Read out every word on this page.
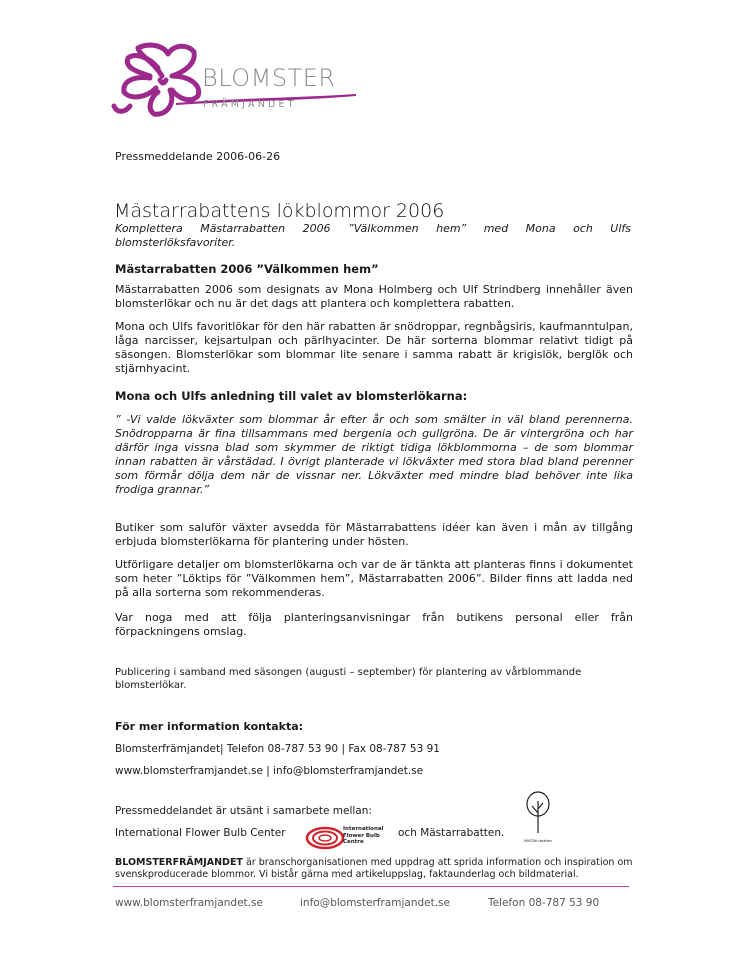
BLOMSTER
FRÄMJANDET
Pressmeddelande 2006-06-26
Mästarrabattens lökblommor 2006

Komplettera Mästarrabatten 2006 ”Välkommen hem” med Mona och Ulfs blomsterlöksfavoriter.

Mästarrabatten 2006 ”Välkommen hem”

Mästarrabatten 2006 som designats av Mona Holmberg och Ulf Strindberg innehåller även blomsterlökar och nu är det dags att plantera och komplettera rabatten.

Mona och Ulfs favoritlökar för den här rabatten är snödroppar, regnbågsiris, kaufmanntulpan, låga narcisser, kejsartulpan och pärlhyacinter. De här sorterna blommar relativt tidigt på säsongen. Blomsterlökar som blommar lite senare i samma rabatt är krigislök, berglök och stjärnhyacint.

Mona och Ulfs anledning till valet av blomsterlökarna:

” -Vi valde lökväxter som blommar år efter år och som smälter in väl bland perennerna. Snödropparna är fina tillsammans med bergenia och gullgröna. De är vintergröna och har därför inga vissna blad som skymmer de riktigt tidiga lökblommorna – de som blommar innan rabatten är vårstädad. I övrigt planterade vi lökväxter med stora blad bland perenner som förmår dölja dem när de vissnar ner. Lökväxter med mindre blad behöver inte lika frodiga grannar.”

Butiker som saluför växter avsedda för Mästarrabattens idéer kan även i mån av tillgång erbjuda blomsterlökarna för plantering under hösten.

Utförligare detaljer om blomsterlökarna och var de är tänkta att planteras finns i dokumentet som heter ”Löktips för ”Välkommen hem”, Mästarrabatten 2006”. Bilder finns att ladda ned på alla sorterna som rekommenderas.

Var noga med att följa planteringsanvisningar från butikens personal eller från förpackningens omslag.

Publicering i samband med säsongen (augusti – september) för plantering av vårblommande blomsterlökar.

För mer information kontakta:
Blomsterfrämjandet| Telefon 08-787 53 90 | Fax 08-787 53 91
www.blomsterframjandet.se | info@blomsterframjandet.se
Pressmeddelandet är utsänt i samarbete mellan:
International Flower Bulb Center	International
Flower Bulb
Centre
och Mästarrabatten.
MÄSTAR rabatten

BLOMSTERFRÄMJANDET är branschorganisationen med uppdrag att sprida information och inspiration om svenskproducerade blommor. Vi bistår gärna med artikeluppslag, faktaunderlag och bildmaterial.

www.blomsterframjandet.se	info@blomsterframjandet.se	Telefon 08-787 53 90
